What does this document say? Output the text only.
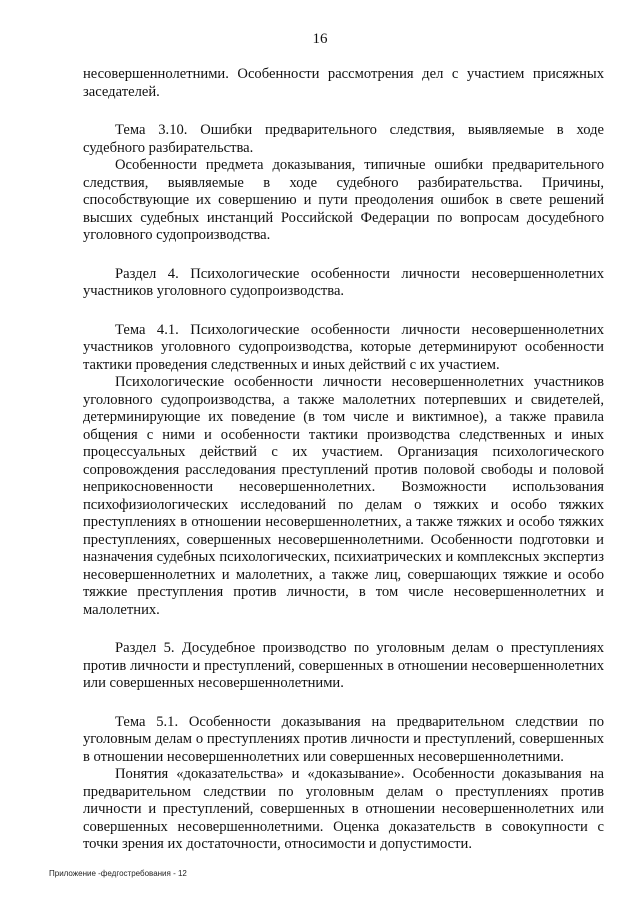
16

несовершеннолетними. Особенности рассмотрения дел с участием присяжных заседателей.

Тема 3.10. Ошибки предварительного следствия, выявляемые в ходе судебного разбирательства.

Особенности предмета доказывания, типичные ошибки предварительного следствия, выявляемые в ходе судебного разбирательства. Причины, способствующие их совершению и пути преодоления ошибок в свете решений высших судебных инстанций Российской Федерации по вопросам досудебного уголовного судопроизводства.

Раздел 4. Психологические особенности личности несовершеннолетних участников уголовного судопроизводства.

Тема 4.1. Психологические особенности личности несовершеннолетних участников уголовного судопроизводства, которые детерминируют особенности тактики проведения следственных и иных действий с их участием.

Психологические особенности личности несовершеннолетних участников уголовного судопроизводства, а также малолетних потерпевших и свидетелей, детерминирующие их поведение (в том числе и виктимное), а также правила общения с ними и особенности тактики производства следственных и иных процессуальных действий с их участием. Организация психологического сопровождения расследования преступлений против половой свободы и половой неприкосновенности несовершеннолетних. Возможности использования психофизиологических исследований по делам о тяжких и особо тяжких преступлениях в отношении несовершеннолетних, а также тяжких и особо тяжких преступлениях, совершенных несовершеннолетними. Особенности подготовки и назначения судебных психологических, психиатрических и комплексных экспертиз несовершеннолетних и малолетних, а также лиц, совершающих тяжкие и особо тяжкие преступления против личности, в том числе несовершеннолетних и малолетних.

Раздел 5. Досудебное производство по уголовным делам о преступлениях против личности и преступлений, совершенных в отношении несовершеннолетних или совершенных несовершеннолетними.

Тема 5.1. Особенности доказывания на предварительном следствии по уголовным делам о преступлениях против личности и преступлений, совершенных в отношении несовершеннолетних или совершенных несовершеннолетними.

Понятия «доказательства» и «доказывание». Особенности доказывания на предварительном следствии по уголовным делам о преступлениях против личности и преступлений, совершенных в отношении несовершеннолетних или совершенных несовершеннолетними. Оценка доказательств в совокупности с точки зрения их достаточности, относимости и допустимости.

Приложение -федгостребования - 12
